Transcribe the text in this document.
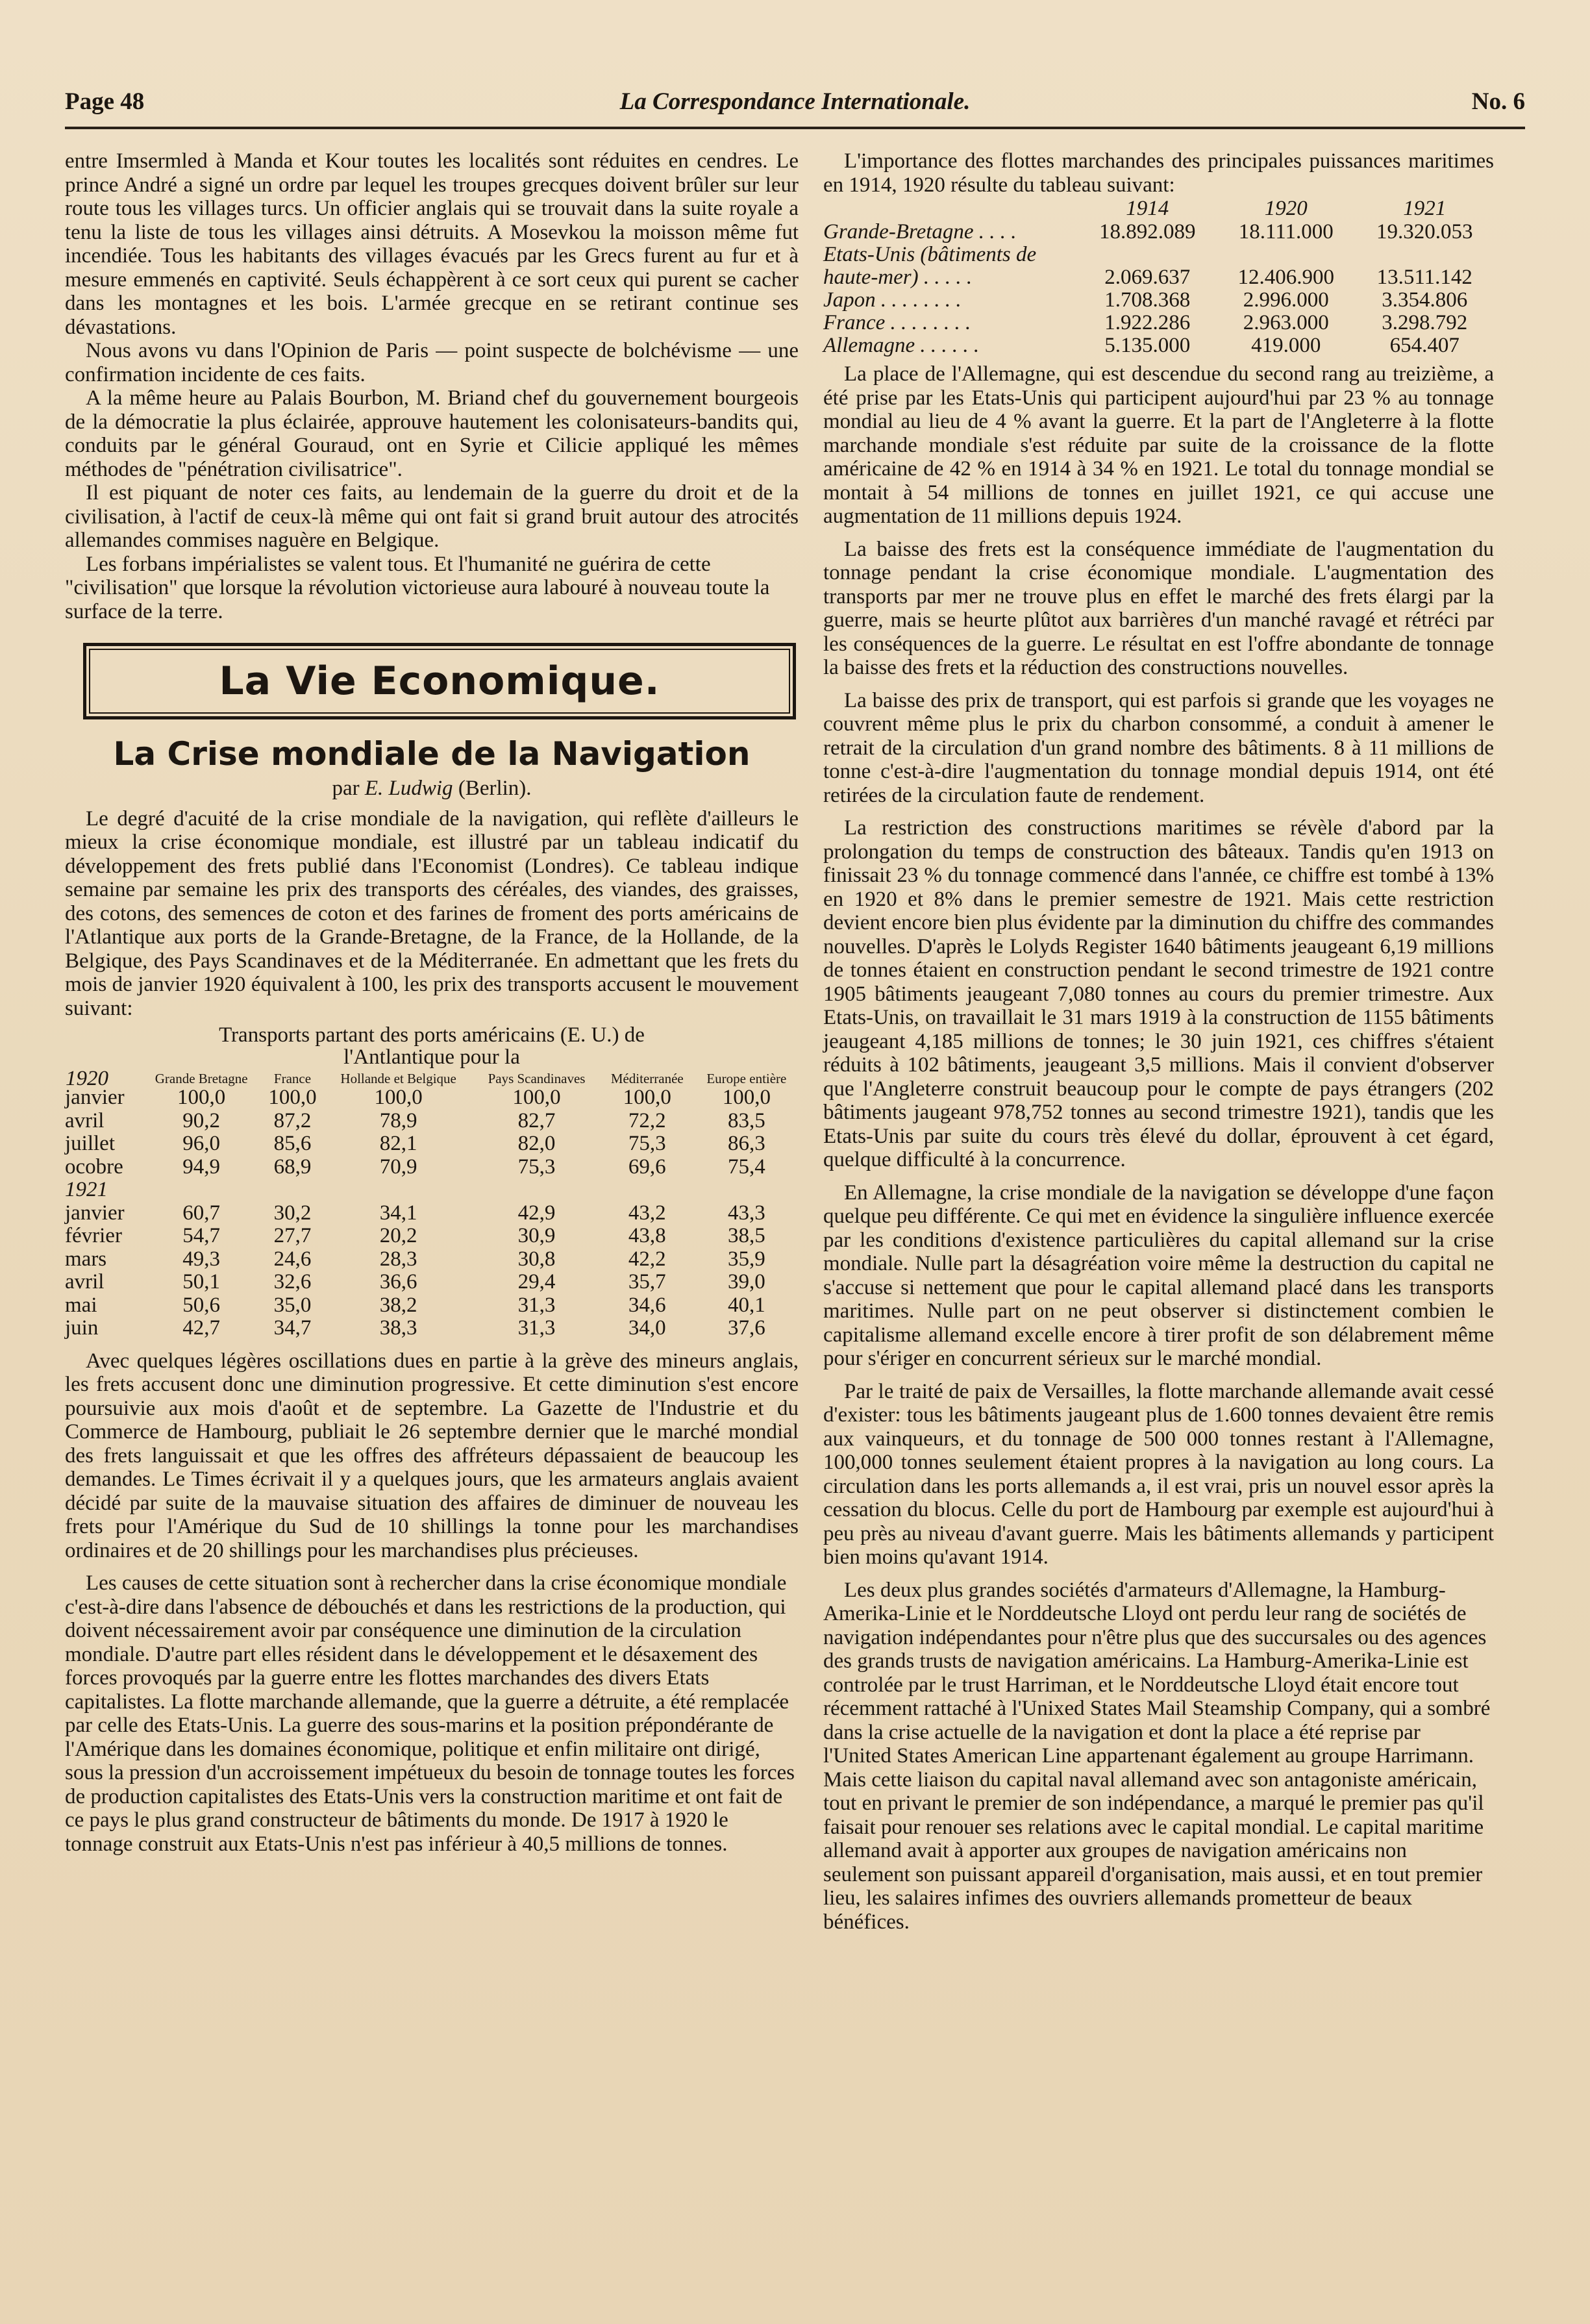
Page 48	La Correspondance Internationale.	No. 6

entre Imsermled à Manda et Kour toutes les localités sont réduites en cendres. Le prince André a signé un ordre par lequel les troupes grecques doivent brûler sur leur route tous les villages turcs. Un officier anglais qui se trouvait dans la suite royale a tenu la liste de tous les villages ainsi détruits. A Mosevkou la moisson même fut incendiée. Tous les habitants des villages évacués par les Grecs furent au fur et à mesure emmenés en captivité. Seuls échappèrent à ce sort ceux qui purent se cacher dans les montagnes et les bois. L'armée grecque en se retirant continue ses dévastations.

Nous avons vu dans l'Opinion de Paris — point suspecte de bolchévisme — une confirmation incidente de ces faits.

A la même heure au Palais Bourbon, M. Briand chef du gouvernement bourgeois de la démocratie la plus éclairée, approuve hautement les colonisateurs-bandits qui, conduits par le général Gouraud, ont en Syrie et Cilicie appliqué les mêmes méthodes de "pénétration civilisatrice".

Il est piquant de noter ces faits, au lendemain de la guerre du droit et de la civilisation, à l'actif de ceux-là même qui ont fait si grand bruit autour des atrocités allemandes commises naguère en Belgique.

Les forbans impérialistes se valent tous. Et l'humanité ne guérira de cette "civilisation" que lorsque la révolution victorieuse aura labouré à nouveau toute la surface de la terre.

La Vie Economique.
La Crise mondiale de la Navigation
par E. Ludwig (Berlin).

Le degré d'acuité de la crise mondiale de la navigation, qui reflète d'ailleurs le mieux la crise économique mondiale, est illustré par un tableau indicatif du développement des frets publié dans l'Economist (Londres). Ce tableau indique semaine par semaine les prix des transports des céréales, des viandes, des graisses, des cotons, des semences de coton et des farines de froment des ports américains de l'Atlantique aux ports de la Grande-Bretagne, de la France, de la Hollande, de la Belgique, des Pays Scandinaves et de la Méditerranée. En admettant que les frets du mois de janvier 1920 équivalent à 100, les prix des transports accusent le mouvement suivant:

Transports partant des ports américains (E. U.) de
l'Antlantique pour la
1920	Grande Bretagne	France	Hollande et Belgique	Pays Scandinaves	Méditerranée	Europe entière
janvier	100,0	100,0	100,0	100,0	100,0	100,0
avril	90,2	87,2	78,9	82,7	72,2	83,5
juillet	96,0	85,6	82,1	82,0	75,3	86,3
ocobre	94,9	68,9	70,9	75,3	69,6	75,4
1921						
janvier	60,7	30,2	34,1	42,9	43,2	43,3
février	54,7	27,7	20,2	30,9	43,8	38,5
mars	49,3	24,6	28,3	30,8	42,2	35,9
avril	50,1	32,6	36,6	29,4	35,7	39,0
mai	50,6	35,0	38,2	31,3	34,6	40,1
juin	42,7	34,7	38,3	31,3	34,0	37,6

Avec quelques légères oscillations dues en partie à la grève des mineurs anglais, les frets accusent donc une diminution progressive. Et cette diminution s'est encore poursuivie aux mois d'août et de septembre. La Gazette de l'Industrie et du Commerce de Hambourg, publiait le 26 septembre dernier que le marché mondial des frets languissait et que les offres des affréteurs dépassaient de beaucoup les demandes. Le Times écrivait il y a quelques jours, que les armateurs anglais avaient décidé par suite de la mauvaise situation des affaires de diminuer de nouveau les frets pour l'Amérique du Sud de 10 shillings la tonne pour les marchandises ordinaires et de 20 shillings pour les marchandises plus précieuses.

Les causes de cette situation sont à rechercher dans la crise économique mondiale c'est-à-dire dans l'absence de débouchés et dans les restrictions de la production, qui doivent nécessairement avoir par conséquence une diminution de la circulation mondiale. D'autre part elles résident dans le développement et le désaxement des forces provoqués par la guerre entre les flottes marchandes des divers Etats capitalistes. La flotte marchande allemande, que la guerre a détruite, a été remplacée par celle des Etats-Unis. La guerre des sous-marins et la position prépondérante de l'Amérique dans les domaines économique, politique et enfin militaire ont dirigé, sous la pression d'un accroissement impétueux du besoin de tonnage toutes les forces de production capitalistes des Etats-Unis vers la construction maritime et ont fait de ce pays le plus grand constructeur de bâtiments du monde. De 1917 à 1920 le tonnage construit aux Etats-Unis n'est pas inférieur à 40,5 millions de tonnes.

L'importance des flottes marchandes des principales puissances maritimes en 1914, 1920 résulte du tableau suivant:

	1914	1920	1921
Grande-Bretagne . . . .	18.892.089	18.111.000	19.320.053
Etats-Unis (bâtiments de			
haute-mer) . . . . .	2.069.637	12.406.900	13.511.142
Japon . . . . . . . .	1.708.368	2.996.000	3.354.806
France . . . . . . . .	1.922.286	2.963.000	3.298.792
Allemagne . . . . . .	5.135.000	419.000	654.407

La place de l'Allemagne, qui est descendue du second rang au treizième, a été prise par les Etats-Unis qui participent aujourd'hui par 23 % au tonnage mondial au lieu de 4 % avant la guerre. Et la part de l'Angleterre à la flotte marchande mondiale s'est réduite par suite de la croissance de la flotte américaine de 42 % en 1914 à 34 % en 1921. Le total du tonnage mondial se montait à 54 millions de tonnes en juillet 1921, ce qui accuse une augmentation de 11 millions depuis 1924.

La baisse des frets est la conséquence immédiate de l'augmentation du tonnage pendant la crise économique mondiale. L'augmentation des transports par mer ne trouve plus en effet le marché des frets élargi par la guerre, mais se heurte plûtot aux barrières d'un manché ravagé et rétréci par les conséquences de la guerre. Le résultat en est l'offre abondante de tonnage la baisse des frets et la réduction des constructions nouvelles.

La baisse des prix de transport, qui est parfois si grande que les voyages ne couvrent même plus le prix du charbon consommé, a conduit à amener le retrait de la circulation d'un grand nombre des bâtiments. 8 à 11 millions de tonne c'est-à-dire l'augmentation du tonnage mondial depuis 1914, ont été retirées de la circulation faute de rendement.

La restriction des constructions maritimes se révèle d'abord par la prolongation du temps de construction des bâteaux. Tandis qu'en 1913 on finissait 23 % du tonnage commencé dans l'année, ce chiffre est tombé à 13% en 1920 et 8% dans le premier semestre de 1921. Mais cette restriction devient encore bien plus évidente par la diminution du chiffre des commandes nouvelles. D'après le Lolyds Register 1640 bâtiments jeaugeant 6,19 millions de tonnes étaient en construction pendant le second trimestre de 1921 contre 1905 bâtiments jeaugeant 7,080 tonnes au cours du premier trimestre. Aux Etats-Unis, on travaillait le 31 mars 1919 à la construction de 1155 bâtiments jeaugeant 4,185 millions de tonnes; le 30 juin 1921, ces chiffres s'étaient réduits à 102 bâtiments, jeaugeant 3,5 millions. Mais il convient d'observer que l'Angleterre construit beaucoup pour le compte de pays étrangers (202 bâtiments jaugeant 978,752 tonnes au second trimestre 1921), tandis que les Etats-Unis par suite du cours très élevé du dollar, éprouvent à cet égard, quelque difficulté à la concurrence.

En Allemagne, la crise mondiale de la navigation se développe d'une façon quelque peu différente. Ce qui met en évidence la singulière influence exercée par les conditions d'existence particulières du capital allemand sur la crise mondiale. Nulle part la désagréation voire même la destruction du capital ne s'accuse si nettement que pour le capital allemand placé dans les transports maritimes. Nulle part on ne peut observer si distinctement combien le capitalisme allemand excelle encore à tirer profit de son délabrement même pour s'ériger en concurrent sérieux sur le marché mondial.

Par le traité de paix de Versailles, la flotte marchande allemande avait cessé d'exister: tous les bâtiments jaugeant plus de 1.600 tonnes devaient être remis aux vainqueurs, et du tonnage de 500 000 tonnes restant à l'Allemagne, 100,000 tonnes seulement étaient propres à la navigation au long cours. La circulation dans les ports allemands a, il est vrai, pris un nouvel essor après la cessation du blocus. Celle du port de Hambourg par exemple est aujourd'hui à peu près au niveau d'avant guerre. Mais les bâtiments allemands y participent bien moins qu'avant 1914.

Les deux plus grandes sociétés d'armateurs d'Allemagne, la Hamburg-Amerika-Linie et le Norddeutsche Lloyd ont perdu leur rang de sociétés de navigation indépendantes pour n'être plus que des succursales ou des agences des grands trusts de navigation américains. La Hamburg-Amerika-Linie est controlée par le trust Harriman, et le Norddeutsche Lloyd était encore tout récemment rattaché à l'Unixed States Mail Steamship Company, qui a sombré dans la crise actuelle de la navigation et dont la place a été reprise par l'United States American Line appartenant également au groupe Harrimann. Mais cette liaison du capital naval allemand avec son antagoniste américain, tout en privant le premier de son indépendance, a marqué le premier pas qu'il faisait pour renouer ses relations avec le capital mondial. Le capital maritime allemand avait à apporter aux groupes de navigation américains non seulement son puissant appareil d'organisation, mais aussi, et en tout premier lieu, les salaires infimes des ouvriers allemands prometteur de beaux bénéfices.
